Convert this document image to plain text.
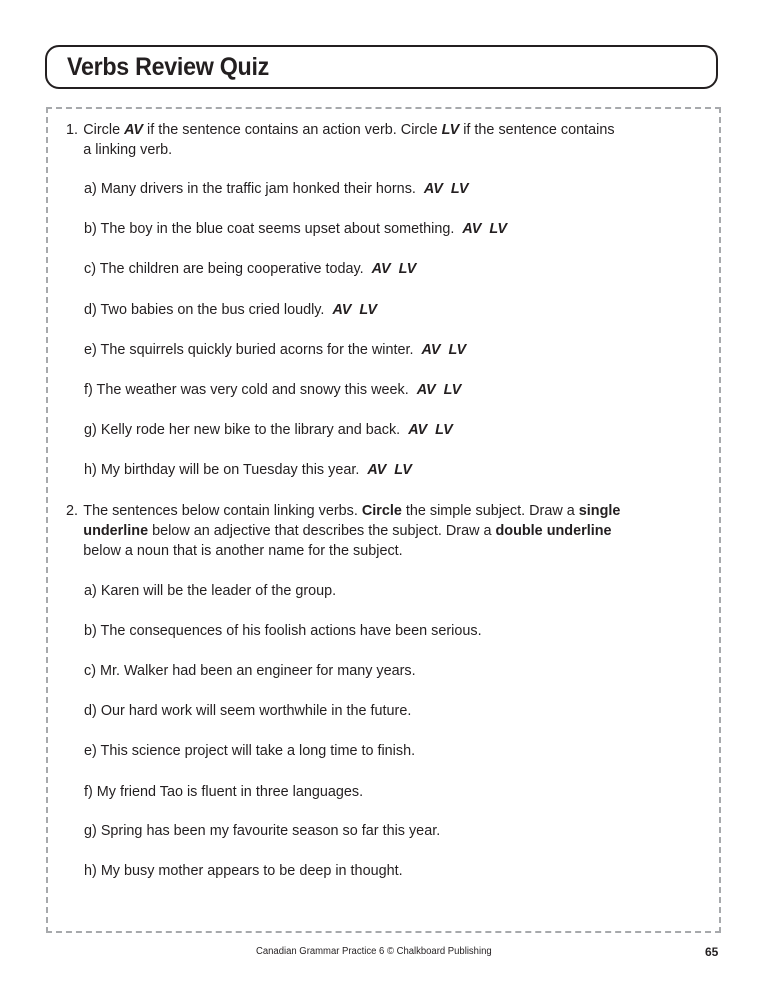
Verbs Review Quiz
1. Circle AV if the sentence contains an action verb. Circle LV if the sentence contains
a linking verb.
a) Many drivers in the traffic jam honked their horns. AV LV
b) The boy in the blue coat seems upset about something. AV LV
c) The children are being cooperative today. AV LV
d) Two babies on the bus cried loudly. AV LV
e) The squirrels quickly buried acorns for the winter. AV LV
f) The weather was very cold and snowy this week. AV LV
g) Kelly rode her new bike to the library and back. AV LV
h) My birthday will be on Tuesday this year. AV LV
2. The sentences below contain linking verbs. Circle the simple subject. Draw a single
underline below an adjective that describes the subject. Draw a double underline
below a noun that is another name for the subject.
a) Karen will be the leader of the group.
b) The consequences of his foolish actions have been serious.
c) Mr. Walker had been an engineer for many years.
d) Our hard work will seem worthwhile in the future.
e) This science project will take a long time to finish.
f) My friend Tao is fluent in three languages.
g) Spring has been my favourite season so far this year.
h) My busy mother appears to be deep in thought.
Canadian Grammar Practice 6 © Chalkboard Publishing	65
